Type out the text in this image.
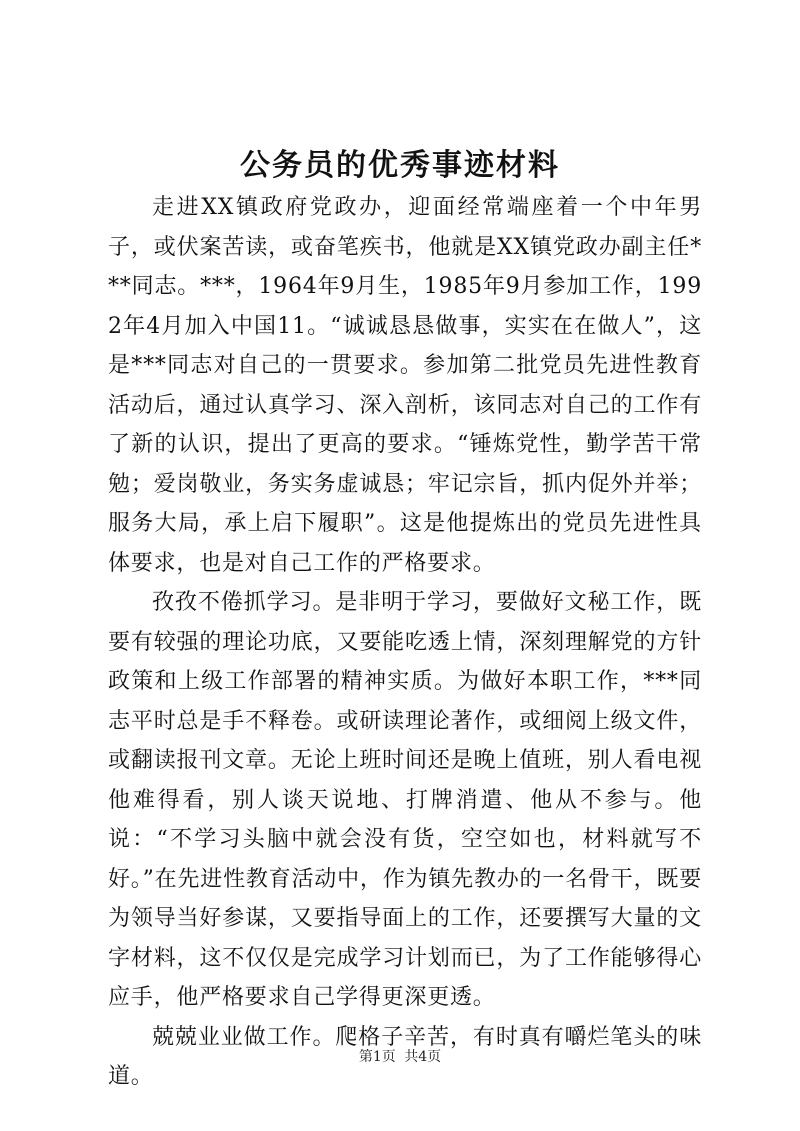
公务员的优秀事迹材料

走进XX镇政府党政办，迎面经常端座着一个中年男子，或伏案苦读，或奋笔疾书，他就是XX镇党政办副主任***同志。***，1964年9月生，1985年9月参加工作，1992年4月加入中国11。“诚诚恳恳做事，实实在在做人”，这是***同志对自己的一贯要求。参加第二批党员先进性教育活动后，通过认真学习、深入剖析，该同志对自己的工作有了新的认识，提出了更高的要求。“锤炼党性，勤学苦干常勉；爱岗敬业，务实务虚诚恳；牢记宗旨，抓内促外并举；服务大局，承上启下履职”。这是他提炼出的党员先进性具体要求，也是对自己工作的严格要求。

孜孜不倦抓学习。是非明于学习，要做好文秘工作，既要有较强的理论功底，又要能吃透上情，深刻理解党的方针政策和上级工作部署的精神实质。为做好本职工作，***同志平时总是手不释卷。或研读理论著作，或细阅上级文件，或翻读报刊文章。无论上班时间还是晚上值班，别人看电视他难得看，别人谈天说地、打牌消遣、他从不参与。他说：“不学习头脑中就会没有货，空空如也，材料就写不好。”在先进性教育活动中，作为镇先教办的一名骨干，既要为领导当好参谋，又要指导面上的工作，还要撰写大量的文字材料，这不仅仅是完成学习计划而已，为了工作能够得心应手，他严格要求自己学得更深更透。

兢兢业业做工作。爬格子辛苦，有时真有嚼烂笔头的味道。

第1页 共4页
